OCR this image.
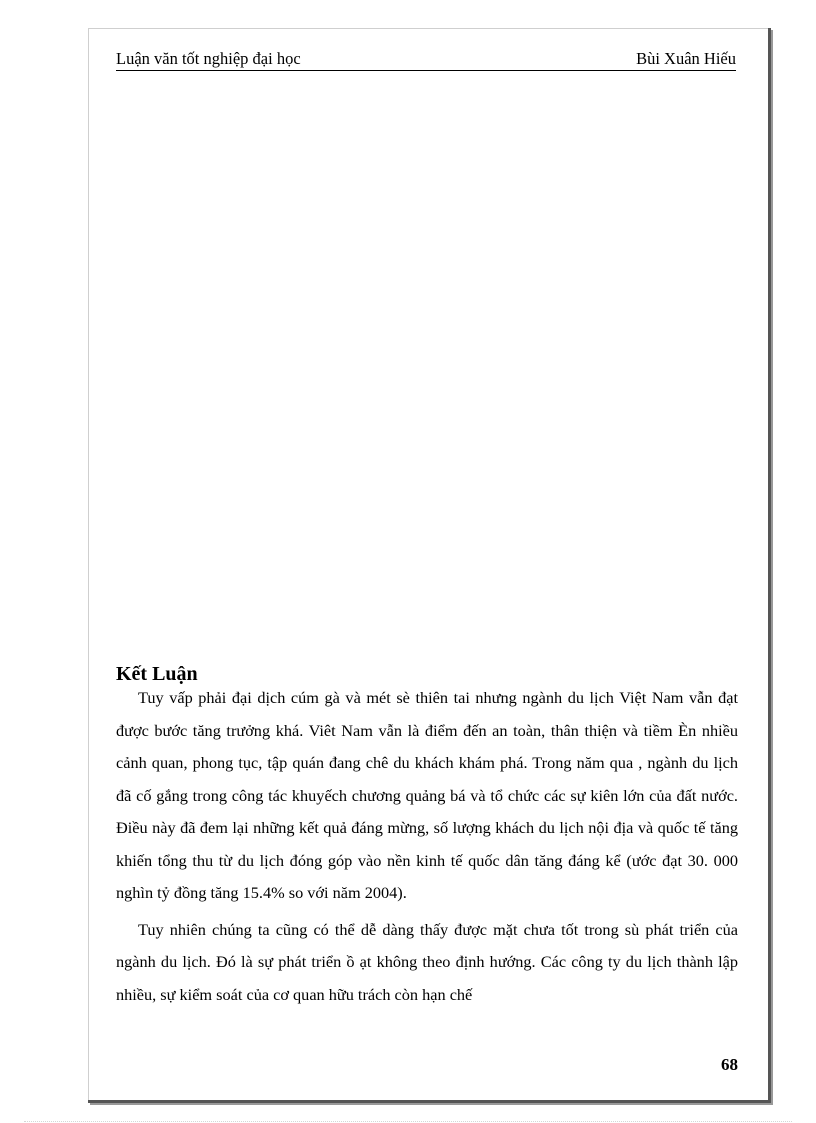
Luận văn tốt nghiệp đại học	Bùi Xuân Hiếu
Kết Luận

Tuy vấp phải đại dịch cúm gà và mét sè thiên tai nhưng ngành du lịch Việt Nam vẫn đạt được bước tăng trưởng khá. Viêt Nam vẫn là điểm đến an toàn, thân thiện và tiềm Èn nhiều cảnh quan, phong tục, tập quán đang chê du khách khám phá. Trong năm qua , ngành du lịch đã cố gắng trong công tác khuyếch chương quảng bá và tổ chức các sự kiên lớn của đất nước. Điều này đã đem lại những kết quả đáng mừng, số lượng khách du lịch nội địa và quốc tế tăng khiến tổng thu từ du lịch đóng góp vào nền kinh tế quốc dân tăng đáng kể (ước đạt 30. 000 nghìn tỷ đồng tăng 15.4% so với năm 2004).

Tuy nhiên chúng ta cũng có thể dễ dàng thấy được mặt chưa tốt trong sù phát triển của ngành du lịch. Đó là sự phát triển ồ ạt không theo định hướng. Các công ty du lịch thành lập nhiều, sự kiểm soát của cơ quan hữu trách còn hạn chế

68
